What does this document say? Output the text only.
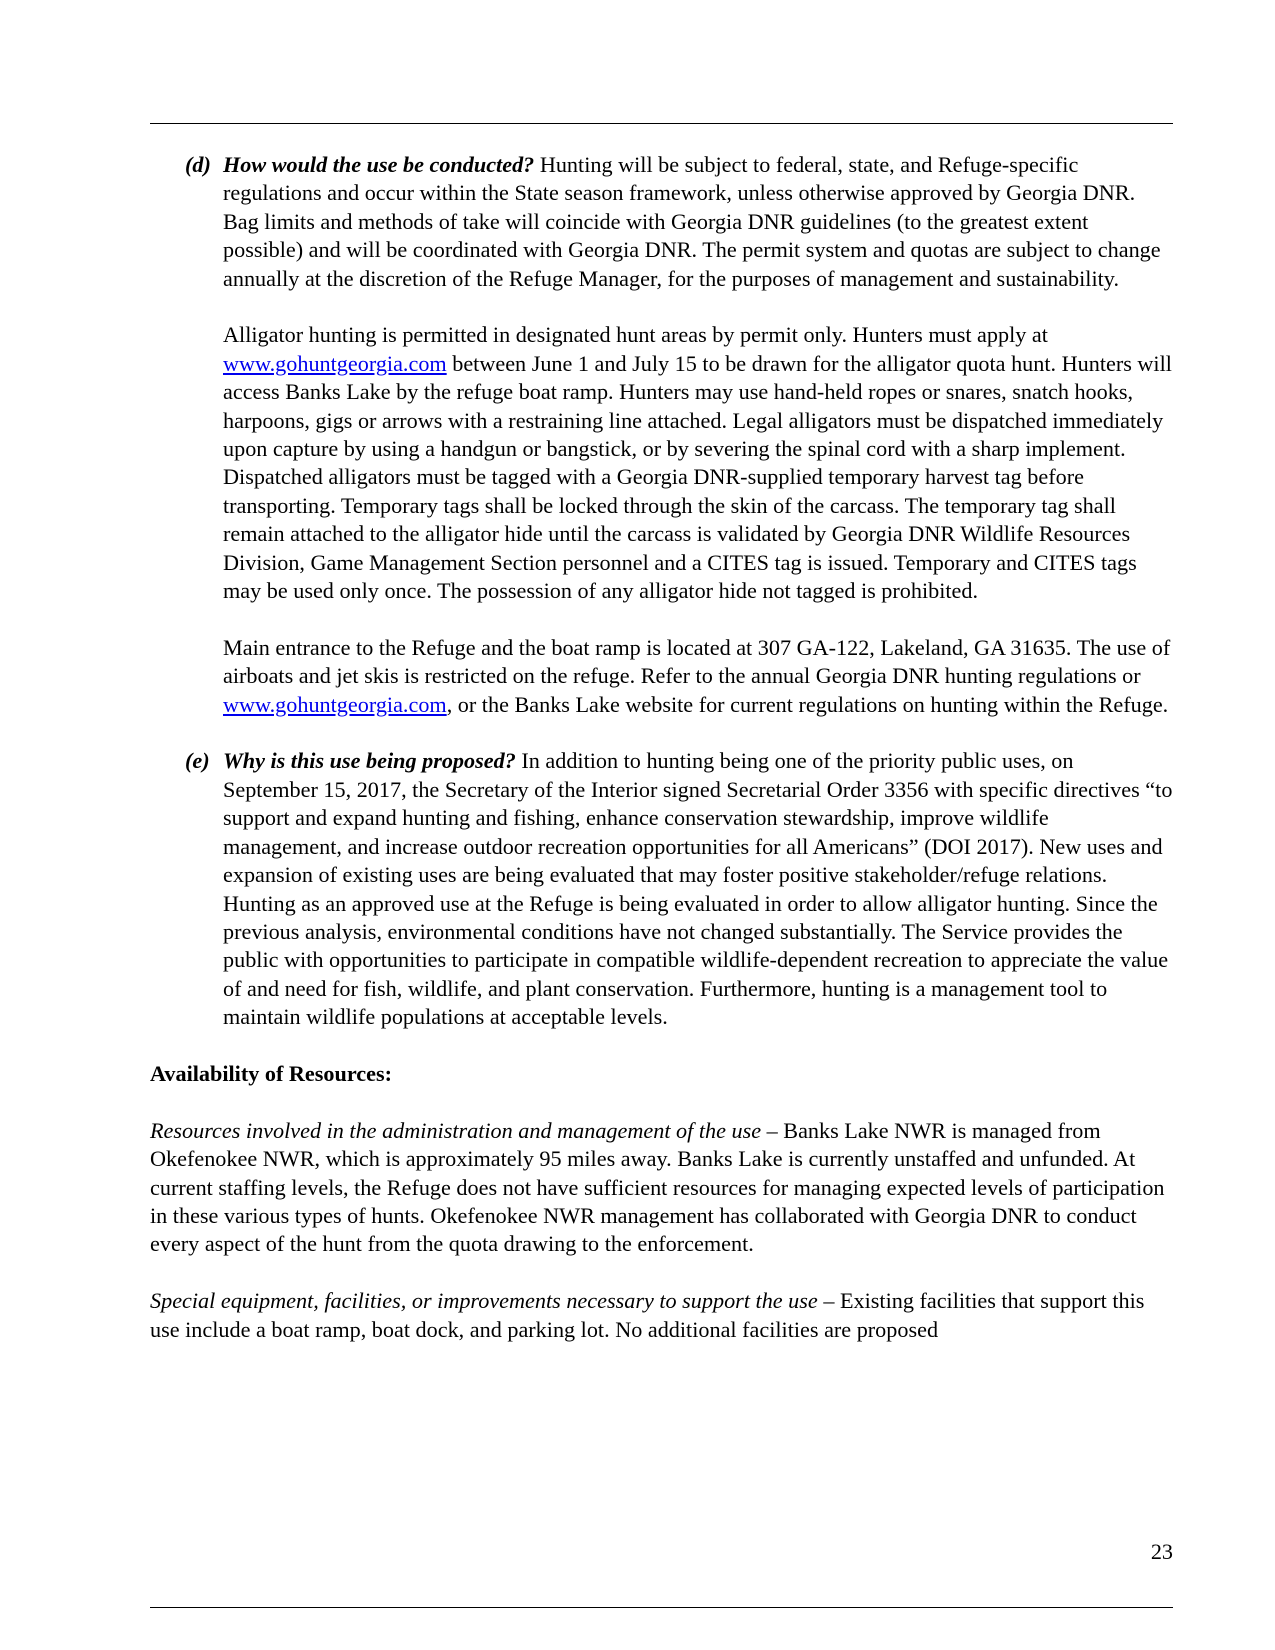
(d) How would the use be conducted? Hunting will be subject to federal, state, and Refuge-specific regulations and occur within the State season framework, unless otherwise approved by Georgia DNR. Bag limits and methods of take will coincide with Georgia DNR guidelines (to the greatest extent possible) and will be coordinated with Georgia DNR. The permit system and quotas are subject to change annually at the discretion of the Refuge Manager, for the purposes of management and sustainability.

Alligator hunting is permitted in designated hunt areas by permit only. Hunters must apply at www.gohuntgeorgia.com between June 1 and July 15 to be drawn for the alligator quota hunt. Hunters will access Banks Lake by the refuge boat ramp. Hunters may use hand-held ropes or snares, snatch hooks, harpoons, gigs or arrows with a restraining line attached. Legal alligators must be dispatched immediately upon capture by using a handgun or bangstick, or by severing the spinal cord with a sharp implement. Dispatched alligators must be tagged with a Georgia DNR-supplied temporary harvest tag before transporting. Temporary tags shall be locked through the skin of the carcass. The temporary tag shall remain attached to the alligator hide until the carcass is validated by Georgia DNR Wildlife Resources Division, Game Management Section personnel and a CITES tag is issued. Temporary and CITES tags may be used only once. The possession of any alligator hide not tagged is prohibited.

Main entrance to the Refuge and the boat ramp is located at 307 GA-122, Lakeland, GA 31635. The use of airboats and jet skis is restricted on the refuge. Refer to the annual Georgia DNR hunting regulations or www.gohuntgeorgia.com, or the Banks Lake website for current regulations on hunting within the Refuge.

(e) Why is this use being proposed? In addition to hunting being one of the priority public uses, on September 15, 2017, the Secretary of the Interior signed Secretarial Order 3356 with specific directives “to support and expand hunting and fishing, enhance conservation stewardship, improve wildlife management, and increase outdoor recreation opportunities for all Americans” (DOI 2017). New uses and expansion of existing uses are being evaluated that may foster positive stakeholder/refuge relations. Hunting as an approved use at the Refuge is being evaluated in order to allow alligator hunting. Since the previous analysis, environmental conditions have not changed substantially. The Service provides the public with opportunities to participate in compatible wildlife-dependent recreation to appreciate the value of and need for fish, wildlife, and plant conservation. Furthermore, hunting is a management tool to maintain wildlife populations at acceptable levels.

Availability of Resources:

Resources involved in the administration and management of the use – Banks Lake NWR is managed from Okefenokee NWR, which is approximately 95 miles away. Banks Lake is currently unstaffed and unfunded. At current staffing levels, the Refuge does not have sufficient resources for managing expected levels of participation in these various types of hunts. Okefenokee NWR management has collaborated with Georgia DNR to conduct every aspect of the hunt from the quota drawing to the enforcement.

Special equipment, facilities, or improvements necessary to support the use – Existing facilities that support this use include a boat ramp, boat dock, and parking lot. No additional facilities are proposed

23
